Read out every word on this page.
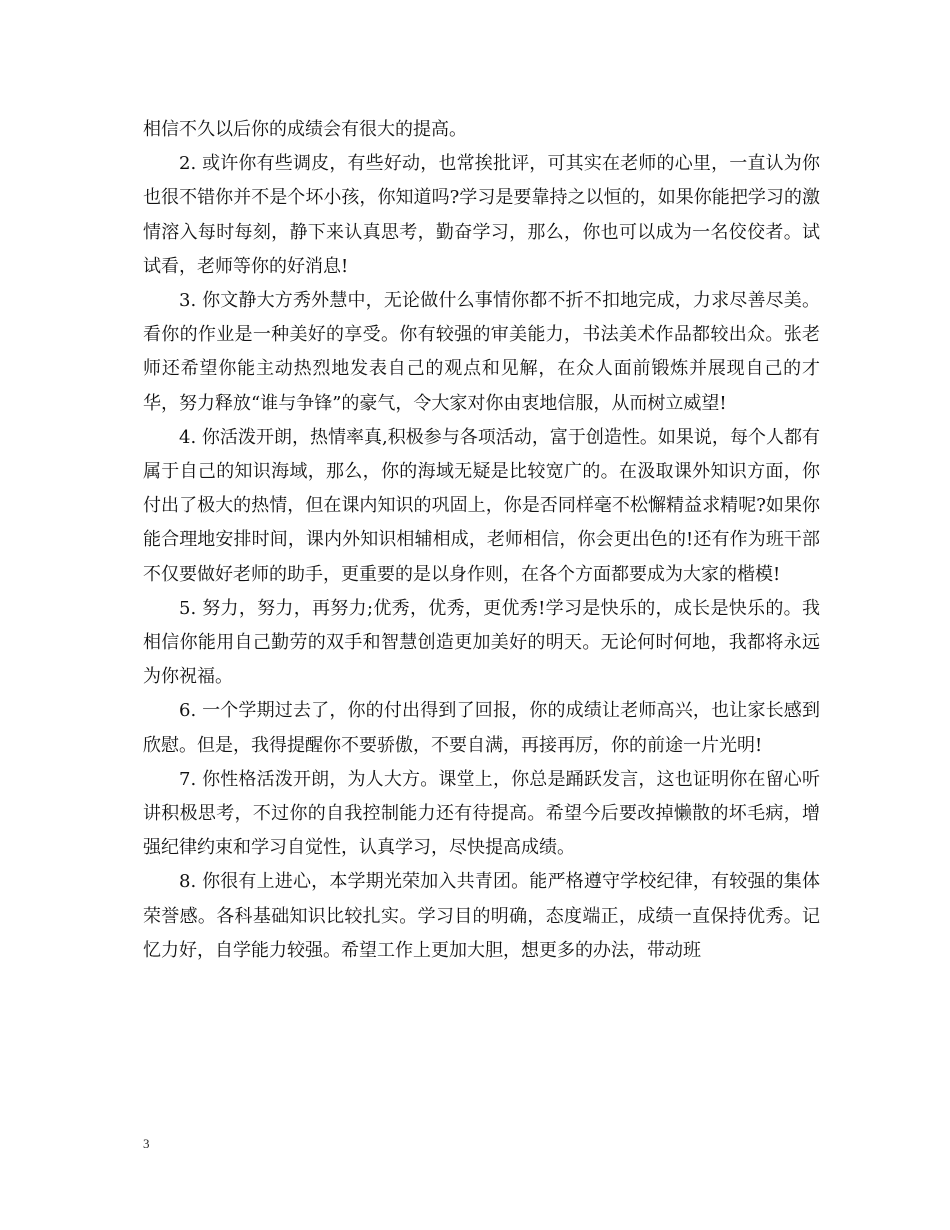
相信不久以后你的成绩会有很大的提高。

2. 或许你有些调皮，有些好动，也常挨批评，可其实在老师的心里，一直认为你也很不错你并不是个坏小孩，你知道吗?学习是要靠持之以恒的，如果你能把学习的激情溶入每时每刻，静下来认真思考，勤奋学习，那么，你也可以成为一名佼佼者。试试看，老师等你的好消息!

3. 你文静大方秀外慧中，无论做什么事情你都不折不扣地完成，力求尽善尽美。看你的作业是一种美好的享受。你有较强的审美能力，书法美术作品都较出众。张老师还希望你能主动热烈地发表自己的观点和见解，在众人面前锻炼并展现自己的才华，努力释放“谁与争锋”的豪气，令大家对你由衷地信服，从而树立威望!

4. 你活泼开朗，热情率真,积极参与各项活动，富于创造性。如果说，每个人都有属于自己的知识海域，那么，你的海域无疑是比较宽广的。在汲取课外知识方面，你付出了极大的热情，但在课内知识的巩固上，你是否同样毫不松懈精益求精呢?如果你能合理地安排时间，课内外知识相辅相成，老师相信，你会更出色的!还有作为班干部不仅要做好老师的助手，更重要的是以身作则，在各个方面都要成为大家的楷模!

5. 努力，努力，再努力;优秀，优秀，更优秀!学习是快乐的，成长是快乐的。我相信你能用自己勤劳的双手和智慧创造更加美好的明天。无论何时何地，我都将永远为你祝福。

6. 一个学期过去了，你的付出得到了回报，你的成绩让老师高兴，也让家长感到欣慰。但是，我得提醒你不要骄傲，不要自满，再接再厉，你的前途一片光明!

7. 你性格活泼开朗，为人大方。课堂上，你总是踊跃发言，这也证明你在留心听讲积极思考，不过你的自我控制能力还有待提高。希望今后要改掉懒散的坏毛病，增强纪律约束和学习自觉性，认真学习，尽快提高成绩。

8. 你很有上进心，本学期光荣加入共青团。能严格遵守学校纪律，有较强的集体荣誉感。各科基础知识比较扎实。学习目的明确，态度端正，成绩一直保持优秀。记忆力好，自学能力较强。希望工作上更加大胆，想更多的办法，带动班

3
